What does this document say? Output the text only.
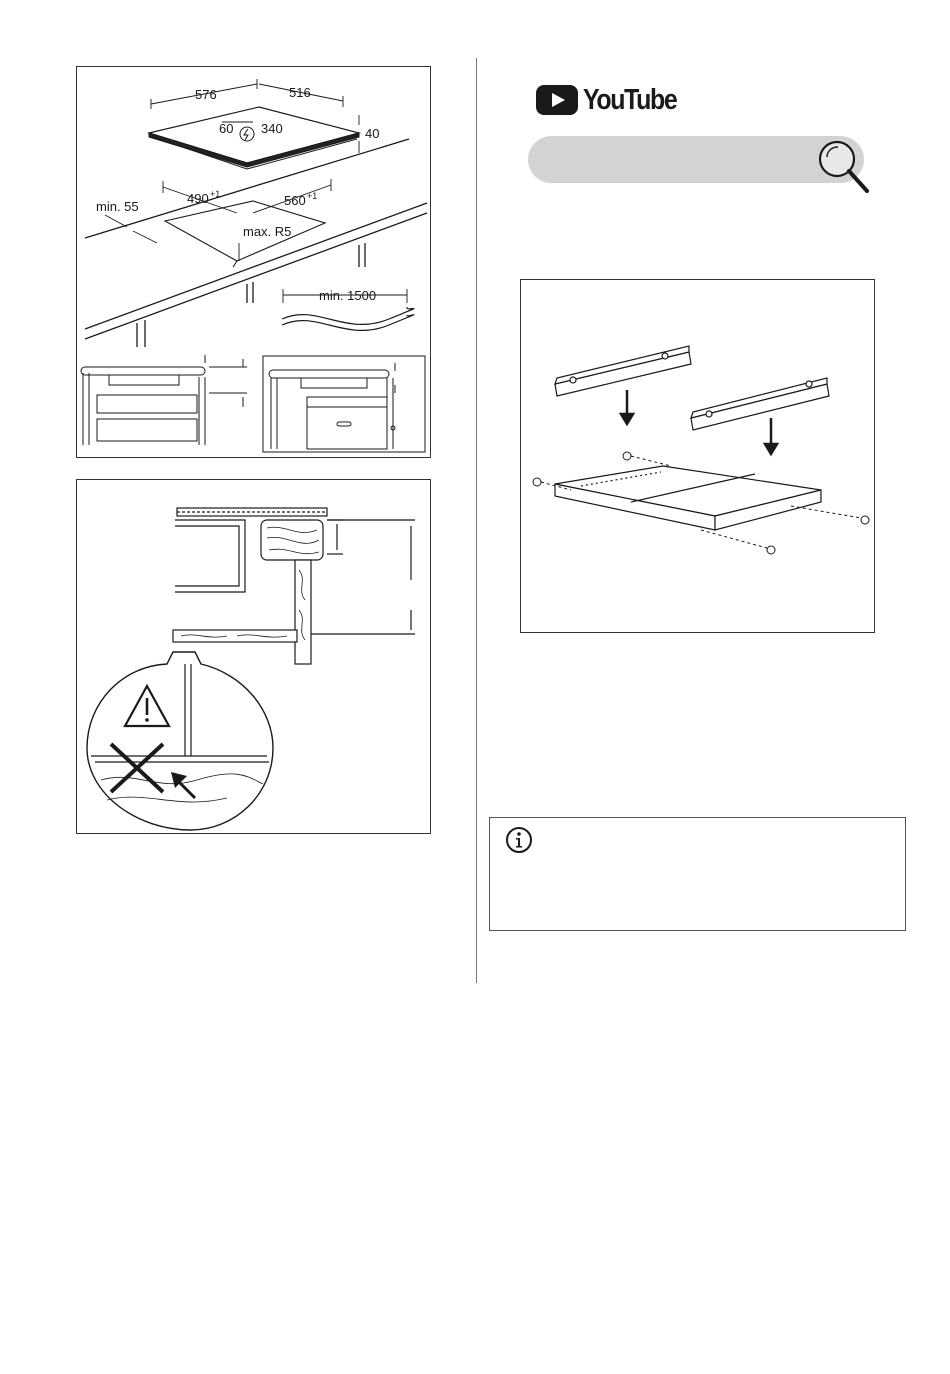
576	516
60 340	40
490 +1	560 +1
min. 55
max. R5
min. 1500
YouTube
